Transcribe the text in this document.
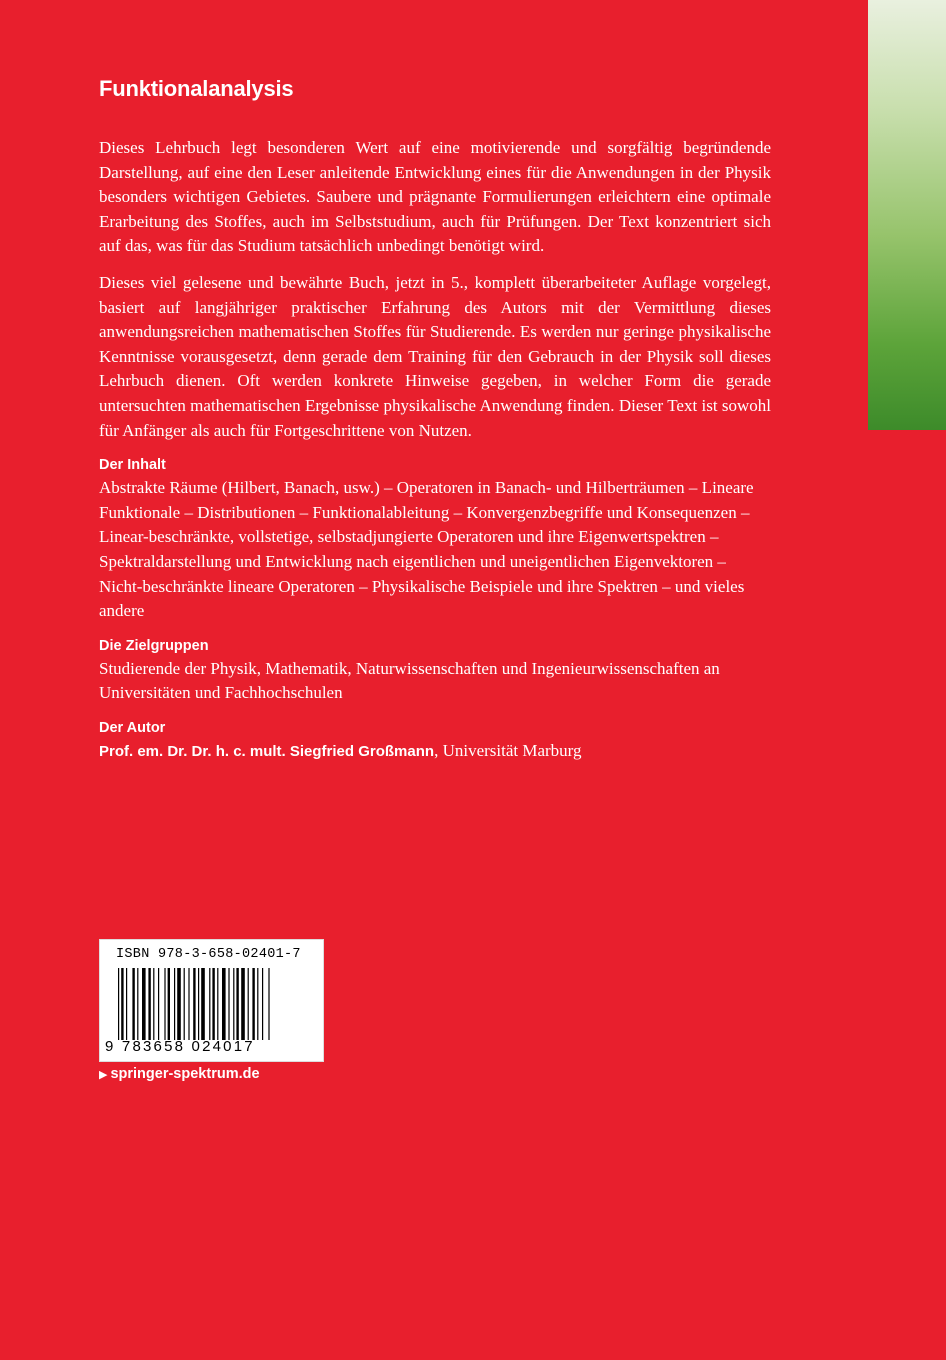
Funktionalanalysis

Dieses Lehrbuch legt besonderen Wert auf eine motivierende und sorgfältig begründende Darstellung, auf eine den Leser anleitende Entwicklung eines für die Anwendungen in der Physik besonders wichtigen Gebietes. Saubere und prägnante Formulierungen erleichtern eine optimale Erarbeitung des Stoffes, auch im Selbststudium, auch für Prüfungen. Der Text konzentriert sich auf das, was für das Studium tatsächlich unbedingt benötigt wird.

Dieses viel gelesene und bewährte Buch, jetzt in 5., komplett überarbeiteter Auflage vorgelegt, basiert auf langjähriger praktischer Erfahrung des Autors mit der Vermittlung dieses anwendungsreichen mathematischen Stoffes für Studierende. Es werden nur geringe physikalische Kenntnisse vorausgesetzt, denn gerade dem Training für den Gebrauch in der Physik soll dieses Lehrbuch dienen. Oft werden konkrete Hinweise gegeben, in welcher Form die gerade untersuchten mathematischen Ergebnisse physikalische Anwendung finden. Dieser Text ist sowohl für Anfänger als auch für Fortgeschrittene von Nutzen.

Der Inhalt

Abstrakte Räume (Hilbert, Banach, usw.) – Operatoren in Banach- und Hilberträumen – Lineare Funktionale – Distributionen – Funktionalableitung – Konvergenzbegriffe und Konsequenzen – Linear-beschränkte, vollstetige, selbstadjungierte Operatoren und ihre Eigenwertspektren – Spektraldarstellung und Entwicklung nach eigentlichen und uneigentlichen Eigenvektoren – Nicht-beschränkte lineare Operatoren – Physikalische Beispiele und ihre Spektren – und vieles andere

Die Zielgruppen

Studierende der Physik, Mathematik, Naturwissenschaften und Ingenieurwissenschaften an Universitäten und Fachhochschulen

Der Autor

Prof. em. Dr. Dr. h. c. mult. Siegfried Großmann, Universität Marburg

ISBN 978-3-658-02401-7
9 783658 024017
▶ springer-spektrum.de
